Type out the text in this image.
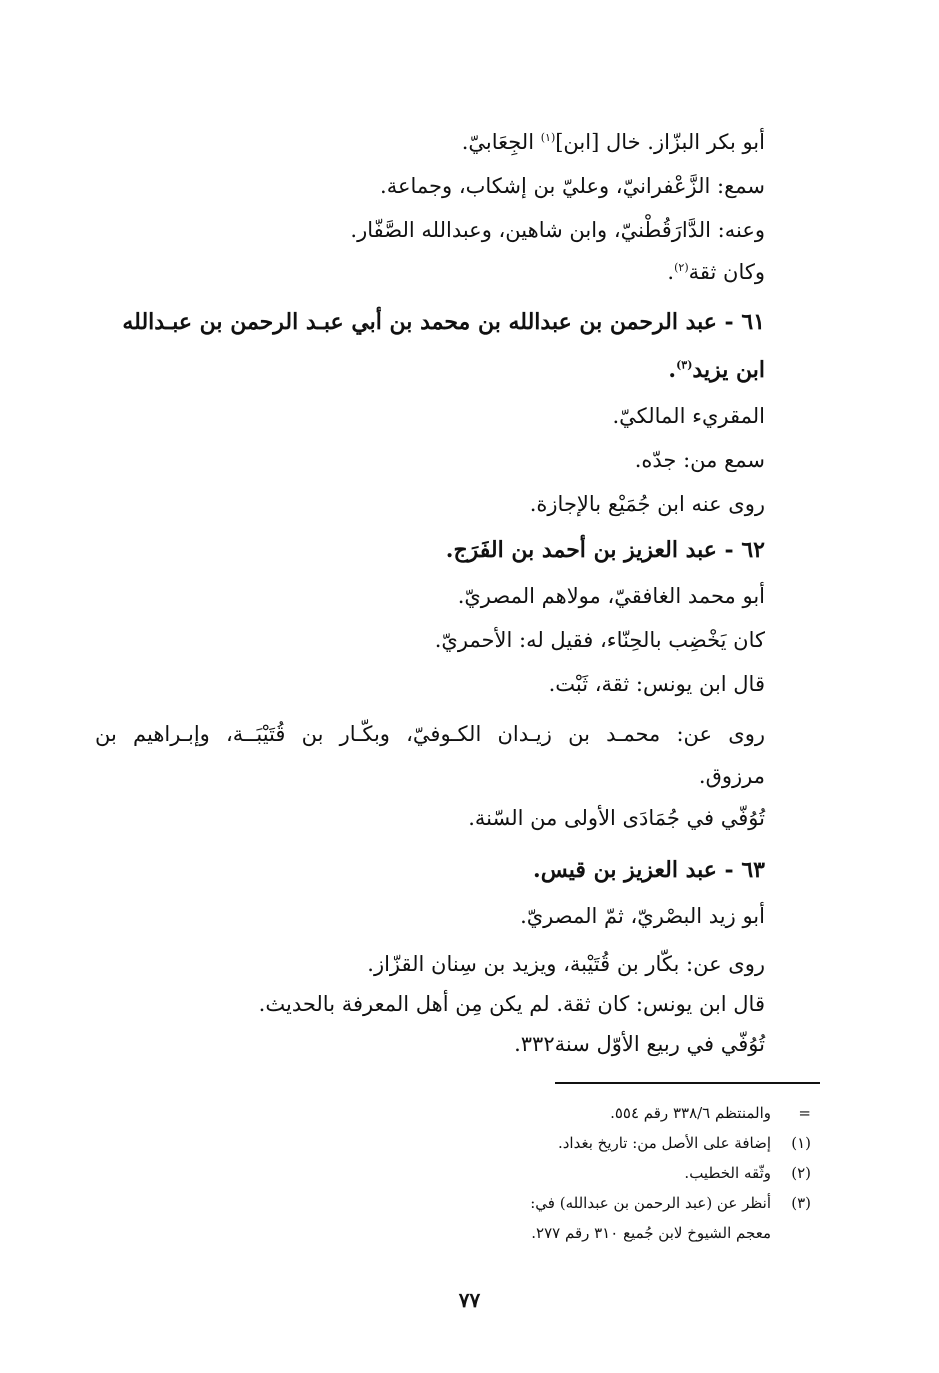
أبو بكر البزّاز. خال [ابن]$^{(١)}$ الجِعَابيّ.
سمع: الزَّعْفرانيّ، وعليّ بن إشكاب، وجماعة.
وعنه: الدَّارَقُطْنيّ، وابن شاهين، وعبدالله الصَّفّار.
وكان ثقة$^{(٢)}$.
٦١ - عبد الرحمن بن عبدالله بن محمد بن أبي عبـد الرحمن بن عبـدالله
ابن يزيد$^{(٣)}$.
المقريء المالكيّ.
سمع من: جدّه.
روى عنه ابن جُمَيْع بالإجازة.
٦٢ - عبد العزيز بن أحمد بن الفَرَج.
أبو محمد الغافقيّ، مولاهم المصريّ.
كان يَخْضِب بالحِنّاء، فقيل له: الأحمريّ.
قال ابن يونس: ثقة، ثَبْت.
روى عن: محمـد بن زيـدان الكـوفيّ، وبكّـار بن قُتَيْبَــة، وإبـراهيم بن
مرزوق.
تُوُفّي في جُمَادَى الأولى من السّنة.
٦٣ - عبد العزيز بن قيس.
أبو زيد البصْريّ، ثمّ المصريّ.
روى عن: بكّار بن قُتَيْبة، ويزيد بن سِنان القزّاز.
قال ابن يونس: كان ثقة. لم يكن مِن أهل المعرفة بالحديث.
تُوُفّي في ربيع الأوّل سنة٣٣٢.
=
والمنتظم ٣٣٨/٦ رقم ٥٥٤.
(١)
إضافة على الأصل من: تاريخ بغداد.
(٢)
وثّقه الخطيب.
(٣)
أنظر عن (عبد الرحمن بن عبدالله) في:
معجم الشيوخ لابن جُميع ٣١٠ رقم ٢٧٧.
٧٧
